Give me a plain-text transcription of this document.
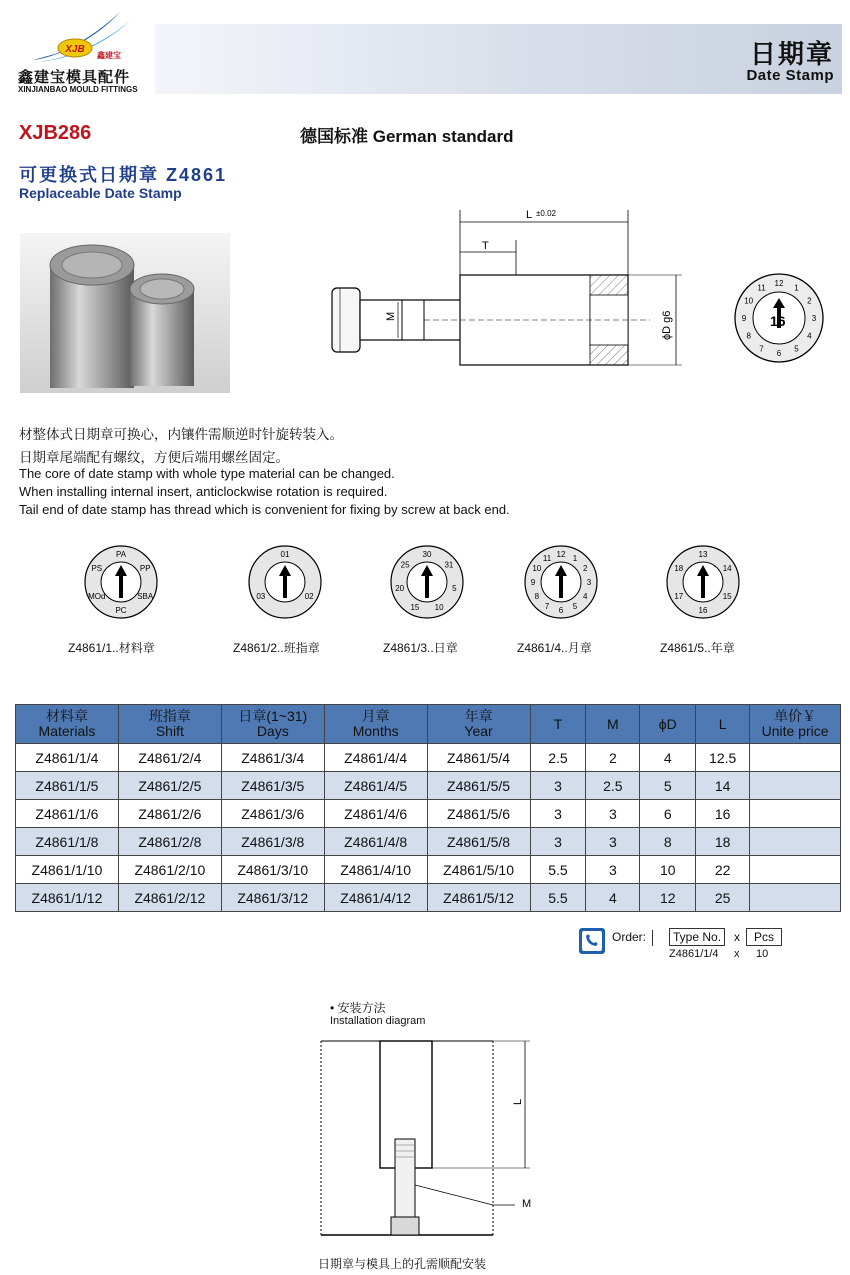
日期章
Date Stamp
XJB
鑫建宝
鑫建宝模具配件
XINJIANBAO MOULD FITTINGS
XJB286	德国标准 German standard
可更换式日期章 Z4861
Replaceable Date Stamp
L ±0.02
T
M	ϕD g6
12
1
2
3
4
5
6
7
8
9
10
11
16
材整体式日期章可换心，内镶件需顺逆时针旋转装入。
日期章尾端配有螺纹，方便后端用螺丝固定。
The core of date stamp with whole type material can be changed.
When installing internal insert, anticlockwise rotation is required.
Tail end of date stamp has thread which is convenient for fixing by screw at back end.
PA
PP
SBA
PC
MOd
PS
01
02
03
30
31
5
10
15
20
25
12 1
2
3
4
5
6
7
8
9
10
11	13
14
15
16
17
18
Z4861/1..材料章	Z4861/2..班指章	Z4861/3..日章	Z4861/4..月章	Z4861/5..年章
材料章
Materials	班指章
Shift	日章(1~31)
Days	月章
Months	年章
Year	T	M	ϕD	L	单价￥
Unite price
Z4861/1/4	Z4861/2/4	Z4861/3/4	Z4861/4/4	Z4861/5/4	2.5	2	4	12.5	
Z4861/1/5	Z4861/2/5	Z4861/3/5	Z4861/4/5	Z4861/5/5	3	2.5	5	14	
Z4861/1/6	Z4861/2/6	Z4861/3/6	Z4861/4/6	Z4861/5/6	3	3	6	16	
Z4861/1/8	Z4861/2/8	Z4861/3/8	Z4861/4/8	Z4861/5/8	3	3	8	18	
Z4861/1/10	Z4861/2/10	Z4861/3/10	Z4861/4/10	Z4861/5/10	5.5	3	10	22	
Z4861/1/12	Z4861/2/12	Z4861/3/12	Z4861/4/12	Z4861/5/12	5.5	4	12	25	
Order:	Type No.	x	Pcs
Z4861/1/4 x 10
• 安装方法
Installation diagram
L
M
日期章与模具上的孔需顺配安装
